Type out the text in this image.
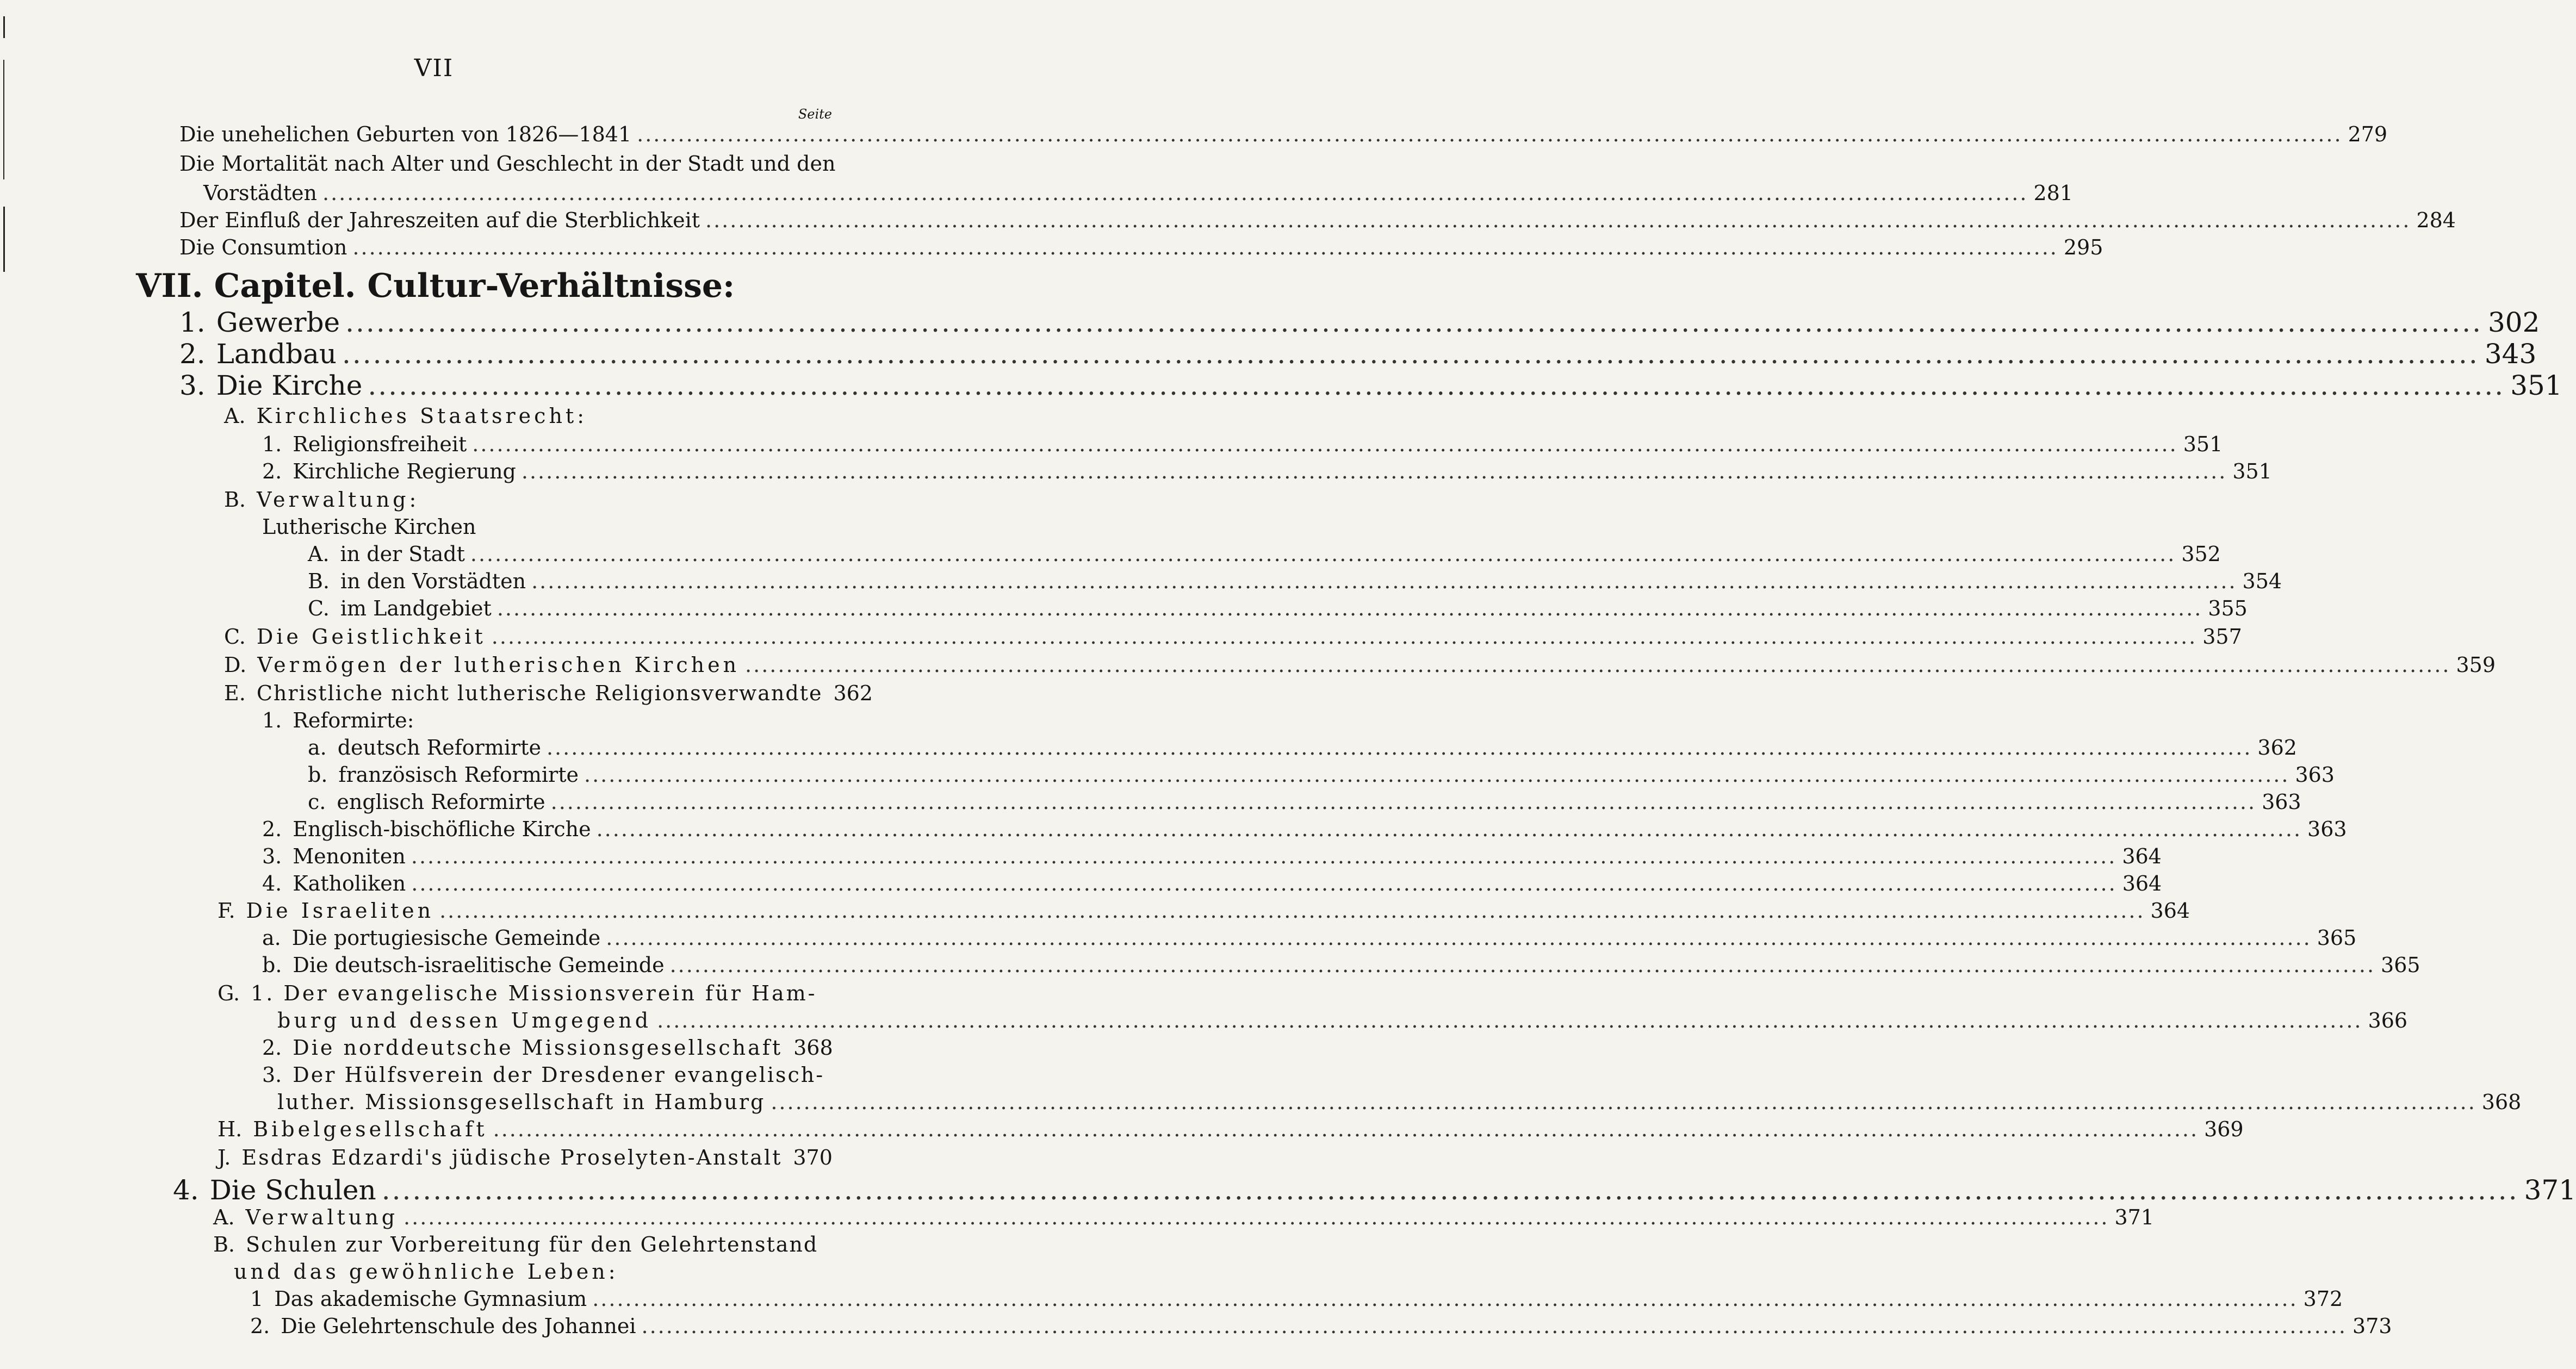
VII
Seite
Die unehelichen Geburten von 1826—1841 .....	279
Die Mortalität nach Alter und Geschlecht in der Stadt und den
Vorstädten .....	281
Der Einfluß der Jahreszeiten auf die Sterblichkeit .....	284
Die Consumtion .....	295
VII. Capitel. Cultur-Verhältnisse:
1. Gewerbe .....	302
2. Landbau .....	343
3. Die Kirche .....	351
A. Kirchliches Staatsrecht:
1. Religionsfreiheit .....	351
2. Kirchliche Regierung .....	351
B. Verwaltung:
Lutherische Kirchen
A. in der Stadt .....	352
B. in den Vorstädten .....	354
C. im Landgebiet .....	355
C. Die Geistlichkeit .....	357
D. Vermögen der lutherischen Kirchen .....	359
E. Christliche nicht lutherische Religionsverwandte 362
1. Reformirte:
a. deutsch Reformirte .....	362
b. französisch Reformirte .....	363
c. englisch Reformirte .....	363
2. Englisch-bischöfliche Kirche .....	363
3. Menoniten .....	364
4. Katholiken .....	364
F. Die Israeliten .....	364
a. Die portugiesische Gemeinde .....	365
b. Die deutsch-israelitische Gemeinde .....	365
G. 1. Der evangelische Missionsverein für Ham-
burg und dessen Umgegend .....	366
2. Die norddeutsche Missionsgesellschaft 368
3. Der Hülfsverein der Dresdener evangelisch-
luther. Missionsgesellschaft in Hamburg .....	368
H. Bibelgesellschaft .....	369
J. Esdras Edzardi's jüdische Proselyten-Anstalt 370
4. Die Schulen .....	371
A. Verwaltung .....	371
B. Schulen zur Vorbereitung für den Gelehrtenstand
und das gewöhnliche Leben:
1 Das akademische Gymnasium .....	372
2. Die Gelehrtenschule des Johannei .....	373
